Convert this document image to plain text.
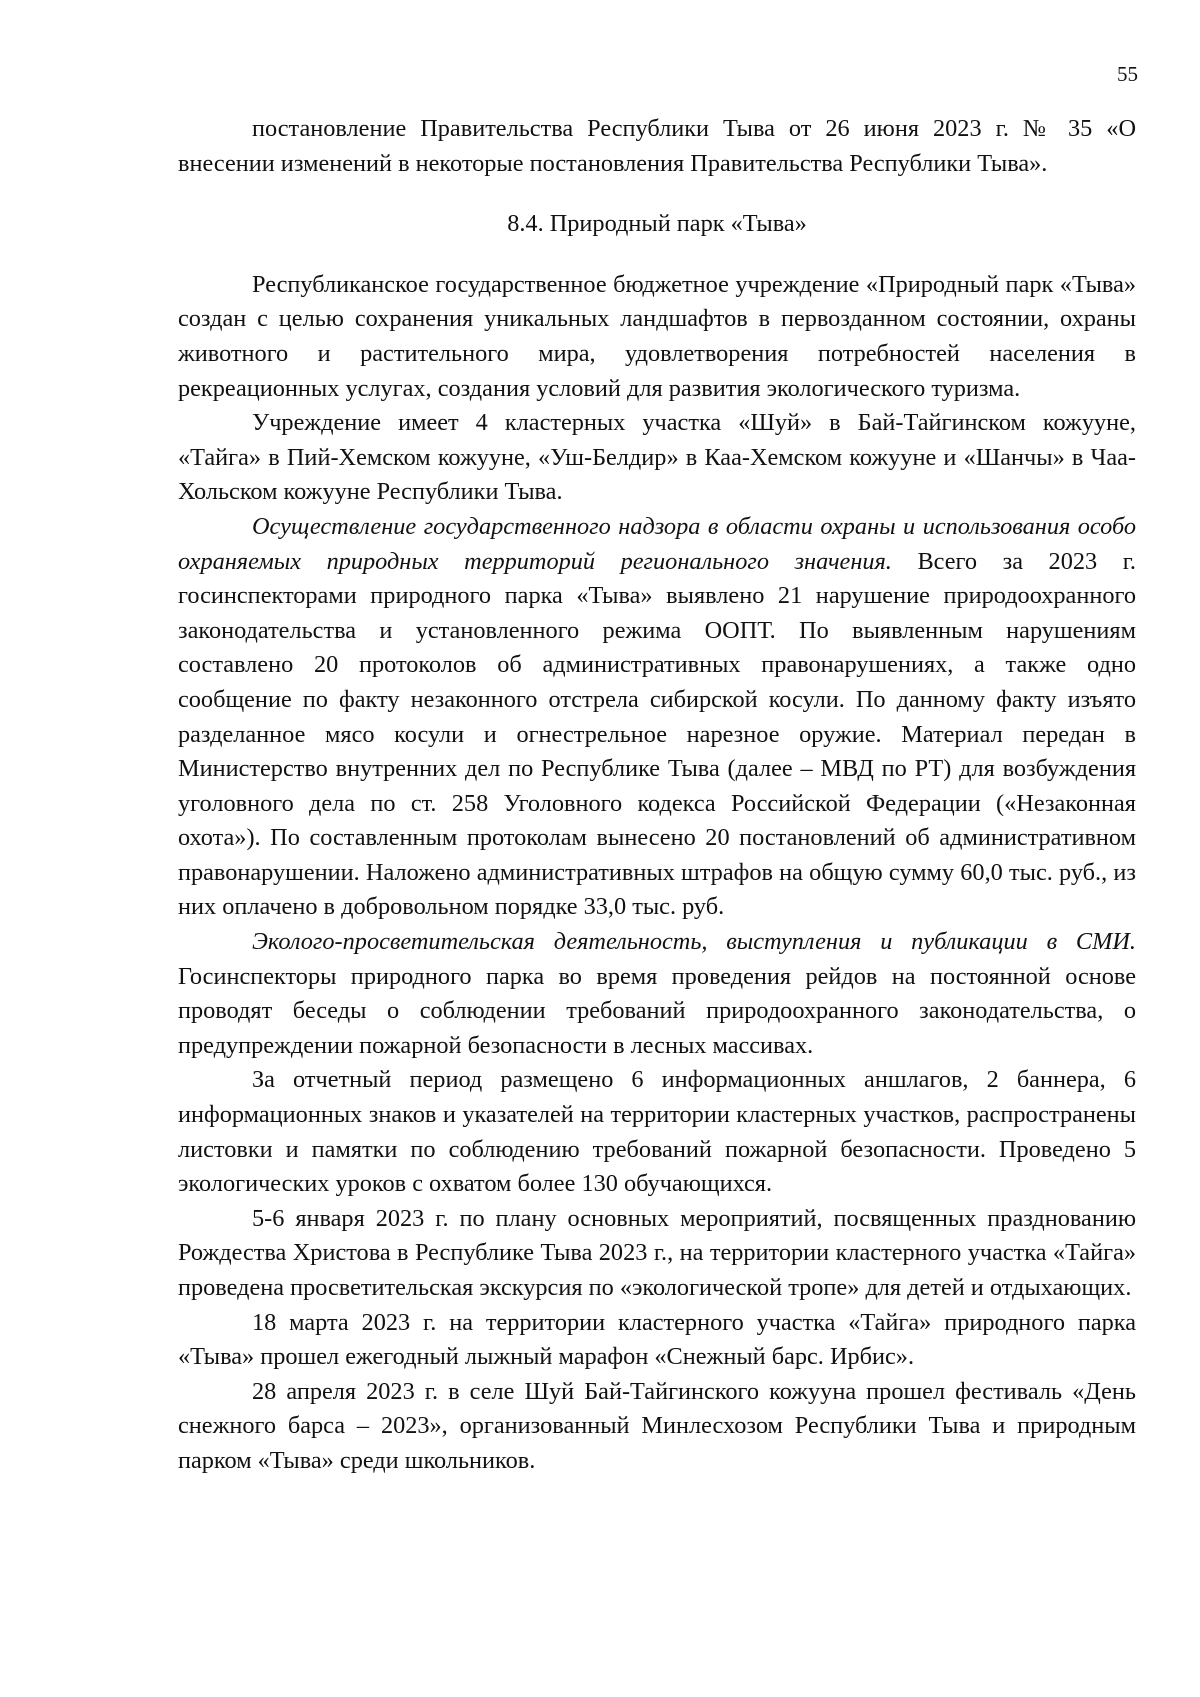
55

постановление Правительства Республики Тыва от 26 июня 2023 г. № 35 «О внесении изменений в некоторые постановления Правительства Республики Тыва».

8.4. Природный парк «Тыва»

Республиканское государственное бюджетное учреждение «Природный парк «Тыва» создан с целью сохранения уникальных ландшафтов в первозданном состоянии, охраны животного и растительного мира, удовлетворения потребностей населения в рекреационных услугах, создания условий для развития экологического туризма.

Учреждение имеет 4 кластерных участка «Шуй» в Бай-Тайгинском кожууне, «Тайга» в Пий-Хемском кожууне, «Уш-Белдир» в Каа-Хемском кожууне и «Шанчы» в Чаа-Хольском кожууне Республики Тыва.

Осуществление государственного надзора в области охраны и использования особо охраняемых природных территорий регионального значения. Всего за 2023 г. госинспекторами природного парка «Тыва» выявлено 21 нарушение природоохранного законодательства и установленного режима ООПТ. По выявленным нарушениям составлено 20 протоколов об административных правонарушениях, а также одно сообщение по факту незаконного отстрела сибирской косули. По данному факту изъято разделанное мясо косули и огнестрельное нарезное оружие. Материал передан в Министерство внутренних дел по Республике Тыва (далее – МВД по РТ) для возбуждения уголовного дела по ст. 258 Уголовного кодекса Российской Федерации («Незаконная охота»). По составленным протоколам вынесено 20 постановлений об административном правонарушении. Наложено административных штрафов на общую сумму 60,0 тыс. руб., из них оплачено в добровольном порядке 33,0 тыс. руб.

Эколого-просветительская деятельность, выступления и публикации в СМИ. Госинспекторы природного парка во время проведения рейдов на постоянной основе проводят беседы о соблюдении требований природоохранного законодательства, о предупреждении пожарной безопасности в лесных массивах.

За отчетный период размещено 6 информационных аншлагов, 2 баннера, 6 информационных знаков и указателей на территории кластерных участков, распространены листовки и памятки по соблюдению требований пожарной безопасности. Проведено 5 экологических уроков с охватом более 130 обучающихся.

5-6 января 2023 г. по плану основных мероприятий, посвященных празднованию Рождества Христова в Республике Тыва 2023 г., на территории кластерного участка «Тайга» проведена просветительская экскурсия по «экологической тропе» для детей и отдыхающих.

18 марта 2023 г. на территории кластерного участка «Тайга» природного парка «Тыва» прошел ежегодный лыжный марафон «Снежный барс. Ирбис».

28 апреля 2023 г. в селе Шуй Бай-Тайгинского кожууна прошел фестиваль «День снежного барса – 2023», организованный Минлесхозом Республики Тыва и природным парком «Тыва» среди школьников.
